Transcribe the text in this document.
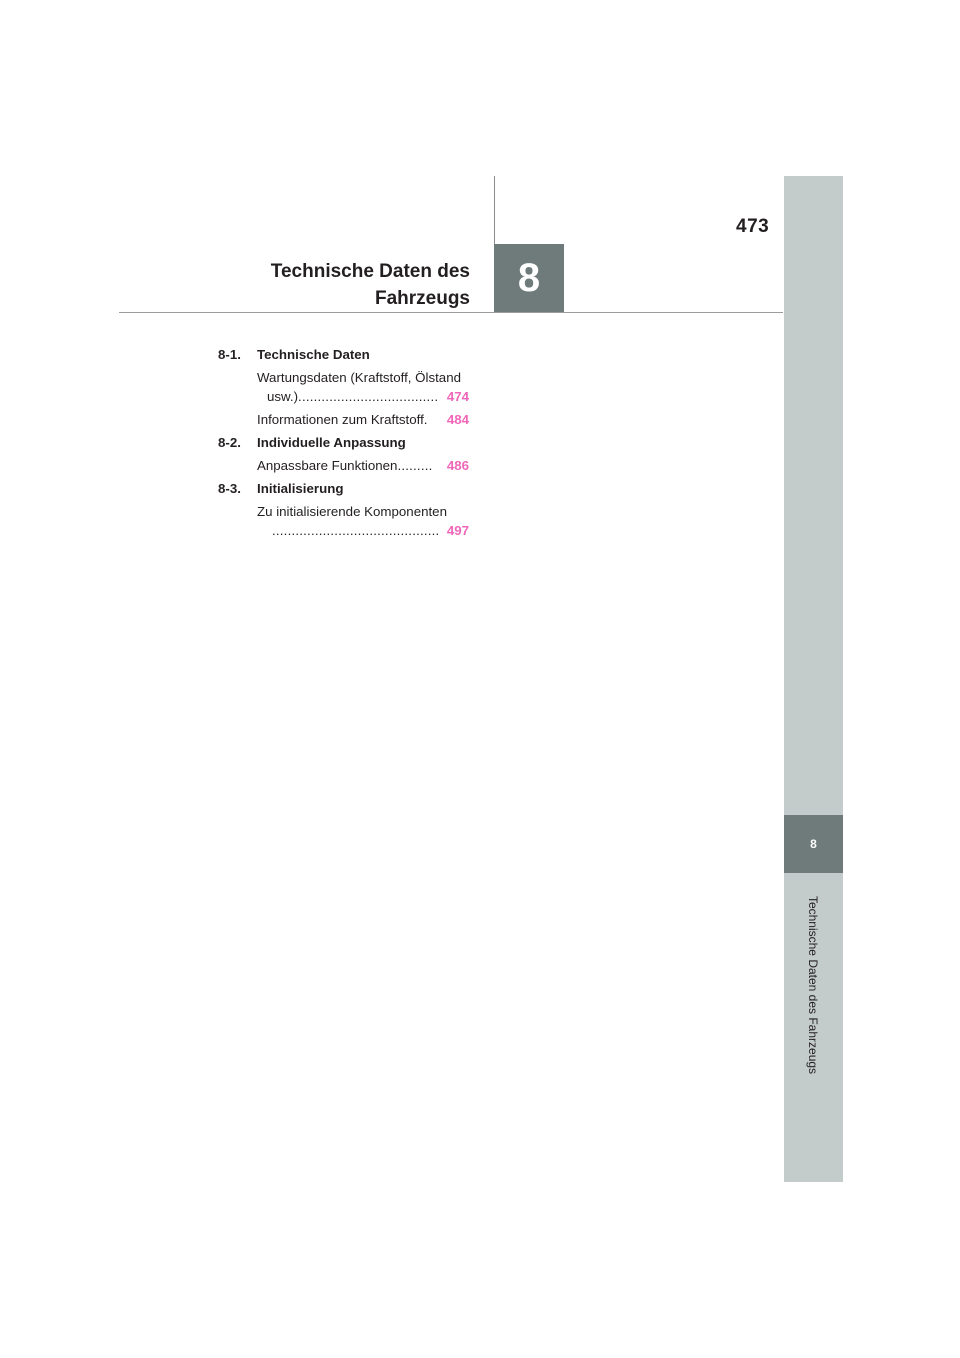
473
Technische Daten des
Fahrzeugs	8
8
Technische Daten des Fahrzeugs
8-1. Technische Daten
Wartungsdaten (Kraftstoff, Ölstand
usw.) .................................... 474
Informationen zum Kraftstoff .	484
8-2. Individuelle Anpassung
Anpassbare Funktionen .........	486
8-3. Initialisierung
Zu initialisierende Komponenten
........................................... 497
